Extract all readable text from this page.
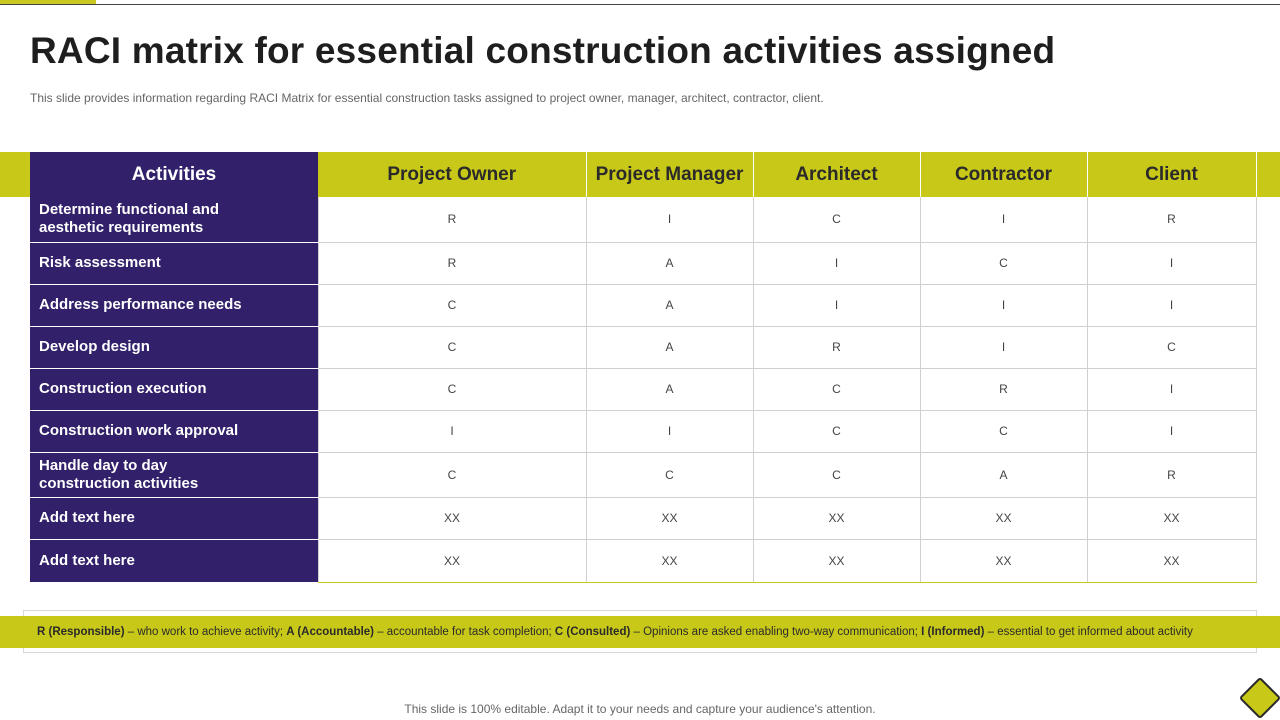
RACI matrix for essential construction activities assigned
This slide provides information regarding RACI Matrix for essential construction tasks assigned to project owner, manager, architect, contractor, client.
Activities	Project Owner	Project Manager	Architect	Contractor	Client
Determine functional and
aesthetic requirements	R	I	C	I	R
Risk assessment	R	A	I	C	I
Address performance needs	C	A	I	I	I
Develop design	C	A	R	I	C
Construction execution	C	A	C	R	I
Construction work approval	I	I	C	C	I
Handle day to day
construction activities	C	C	C	A	R
Add text here	XX	XX	XX	XX	XX
Add text here	XX	XX	XX	XX	XX
R (Responsible) – who work to achieve activity; A (Accountable) – accountable for task completion; C (Consulted) – Opinions are asked enabling two-way communication; I (Informed) – essential to get informed about activity
This slide is 100% editable. Adapt it to your needs and capture your audience's attention.
